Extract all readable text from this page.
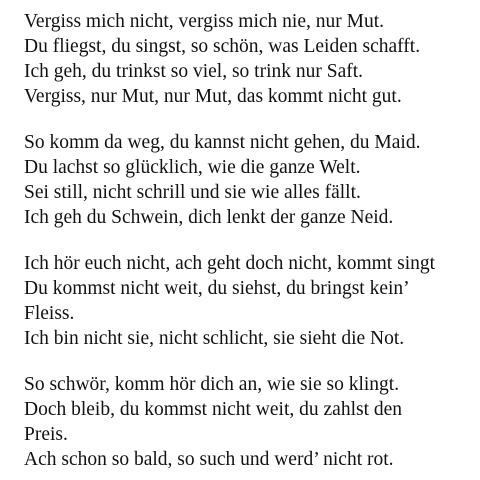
Vergiss mich nicht, vergiss mich nie, nur Mut.
Du fliegst, du singst, so schön, was Leiden schafft.
Ich geh, du trinkst so viel, so trink nur Saft.
Vergiss, nur Mut, nur Mut, das kommt nicht gut.
So komm da weg, du kannst nicht gehen, du Maid.
Du lachst so glücklich, wie die ganze Welt.
Sei still, nicht schrill und sie wie alles fällt.
Ich geh du Schwein, dich lenkt der ganze Neid.
Ich hör euch nicht, ach geht doch nicht, kommt singt
Du kommst nicht weit, du siehst, du bringst kein’
Fleiss.
Ich bin nicht sie, nicht schlicht, sie sieht die Not.
So schwör, komm hör dich an, wie sie so klingt.
Doch bleib, du kommst nicht weit, du zahlst den
Preis.
Ach schon so bald, so such und werd’ nicht rot.
